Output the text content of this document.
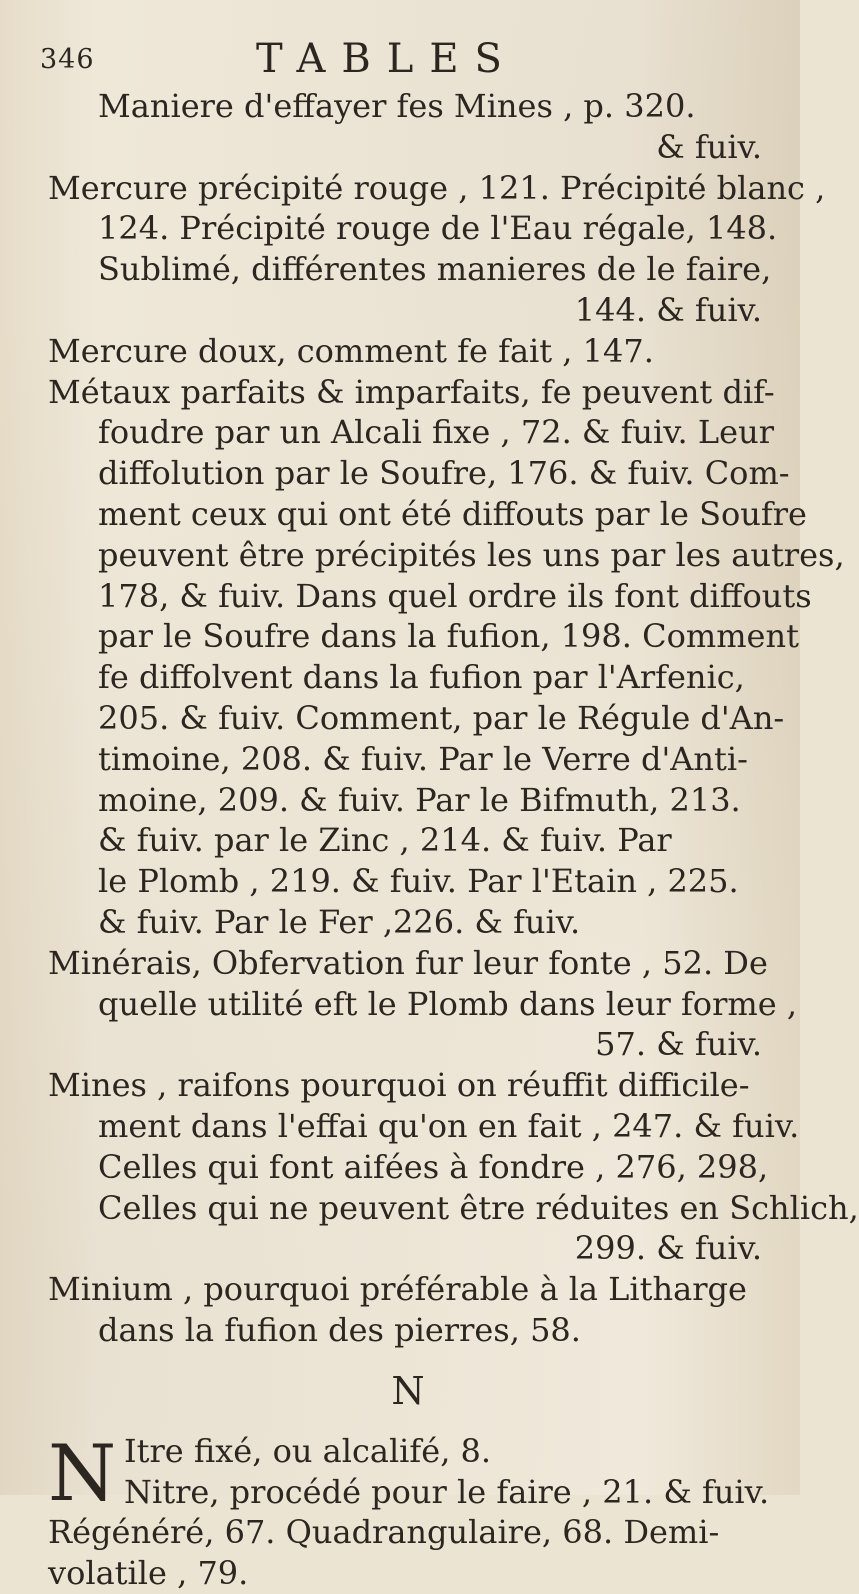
346	TABLES
Maniere d'effayer fes Mines , p. 320.
& fuiv.
Mercure précipité rouge , 121. Précipité blanc ,
124. Précipité rouge de l'Eau régale, 148.
Sublimé, différentes manieres de le faire,
144. & fuiv.
Mercure doux, comment fe fait , 147.
Métaux parfaits & imparfaits, fe peuvent dif-
foudre par un Alcali fixe , 72. & fuiv. Leur
diffolution par le Soufre, 176. & fuiv. Com-
ment ceux qui ont été diffouts par le Soufre
peuvent être précipités les uns par les autres,
178, & fuiv. Dans quel ordre ils font diffouts
par le Soufre dans la fufion, 198. Comment
fe diffolvent dans la fufion par l'Arfenic,
205. & fuiv. Comment, par le Régule d'An-
timoine, 208. & fuiv. Par le Verre d'Anti-
moine, 209. & fuiv. Par le Bifmuth, 213.
& fuiv. par le Zinc , 214. & fuiv. Par
le Plomb , 219. & fuiv. Par l'Etain , 225.
& fuiv. Par le Fer ,226. & fuiv.
Minérais, Obfervation fur leur fonte , 52. De
quelle utilité eft le Plomb dans leur forme ,
57. & fuiv.
Mines , raifons pourquoi on réuffit difficile-
ment dans l'effai qu'on en fait , 247. & fuiv.
Celles qui font aifées à fondre , 276, 298,
Celles qui ne peuvent être réduites en Schlich,
299. & fuiv.
Minium , pourquoi préférable à la Litharge
dans la fufion des pierres, 58.
N
N Itre fixé, ou alcalifé, 8.
Nitre, procédé pour le faire , 21. & fuiv.
Régénéré, 67. Quadrangulaire, 68. Demi-
volatile , 79.
